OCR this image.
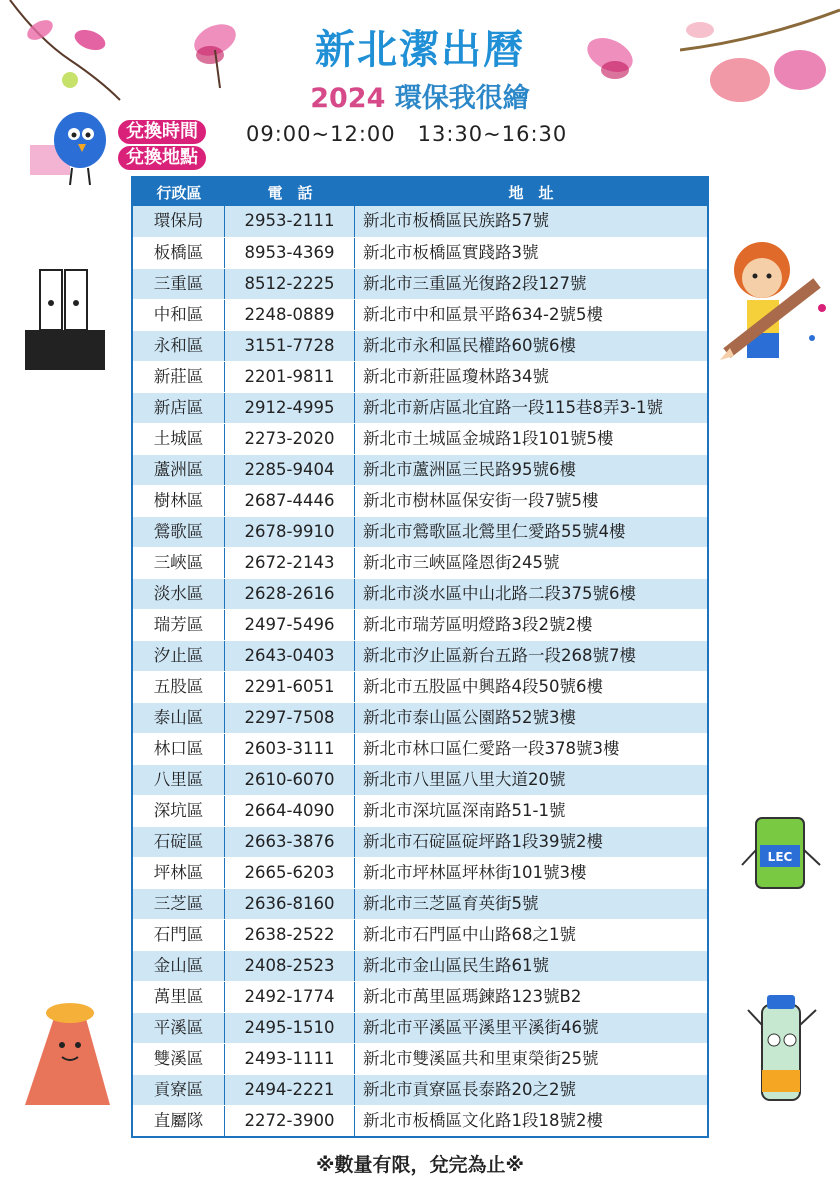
LEC
新北潔出曆
2024 環保我很繪
兌換時間
兌換地點
09:00~12:00　13:30~16:30
行政區	電　話	地　址
環保局	2953-2111	新北市板橋區民族路57號
板橋區	8953-4369	新北市板橋區實踐路3號
三重區	8512-2225	新北市三重區光復路2段127號
中和區	2248-0889	新北市中和區景平路634-2號5樓
永和區	3151-7728	新北市永和區民權路60號6樓
新莊區	2201-9811	新北市新莊區瓊林路34號
新店區	2912-4995	新北市新店區北宜路一段115巷8弄3-1號
土城區	2273-2020	新北市土城區金城路1段101號5樓
蘆洲區	2285-9404	新北市蘆洲區三民路95號6樓
樹林區	2687-4446	新北市樹林區保安街一段7號5樓
鶯歌區	2678-9910	新北市鶯歌區北鶯里仁愛路55號4樓
三峽區	2672-2143	新北市三峽區隆恩街245號
淡水區	2628-2616	新北市淡水區中山北路二段375號6樓
瑞芳區	2497-5496	新北市瑞芳區明燈路3段2號2樓
汐止區	2643-0403	新北市汐止區新台五路一段268號7樓
五股區	2291-6051	新北市五股區中興路4段50號6樓
泰山區	2297-7508	新北市泰山區公園路52號3樓
林口區	2603-3111	新北市林口區仁愛路一段378號3樓
八里區	2610-6070	新北市八里區八里大道20號
深坑區	2664-4090	新北市深坑區深南路51-1號
石碇區	2663-3876	新北市石碇區碇坪路1段39號2樓
坪林區	2665-6203	新北市坪林區坪林街101號3樓
三芝區	2636-8160	新北市三芝區育英街5號
石門區	2638-2522	新北市石門區中山路68之1號
金山區	2408-2523	新北市金山區民生路61號
萬里區	2492-1774	新北市萬里區瑪鍊路123號B2
平溪區	2495-1510	新北市平溪區平溪里平溪街46號
雙溪區	2493-1111	新北市雙溪區共和里東榮街25號
貢寮區	2494-2221	新北市貢寮區長泰路20之2號
直屬隊	2272-3900	新北市板橋區文化路1段18號2樓
※數量有限，兌完為止※
